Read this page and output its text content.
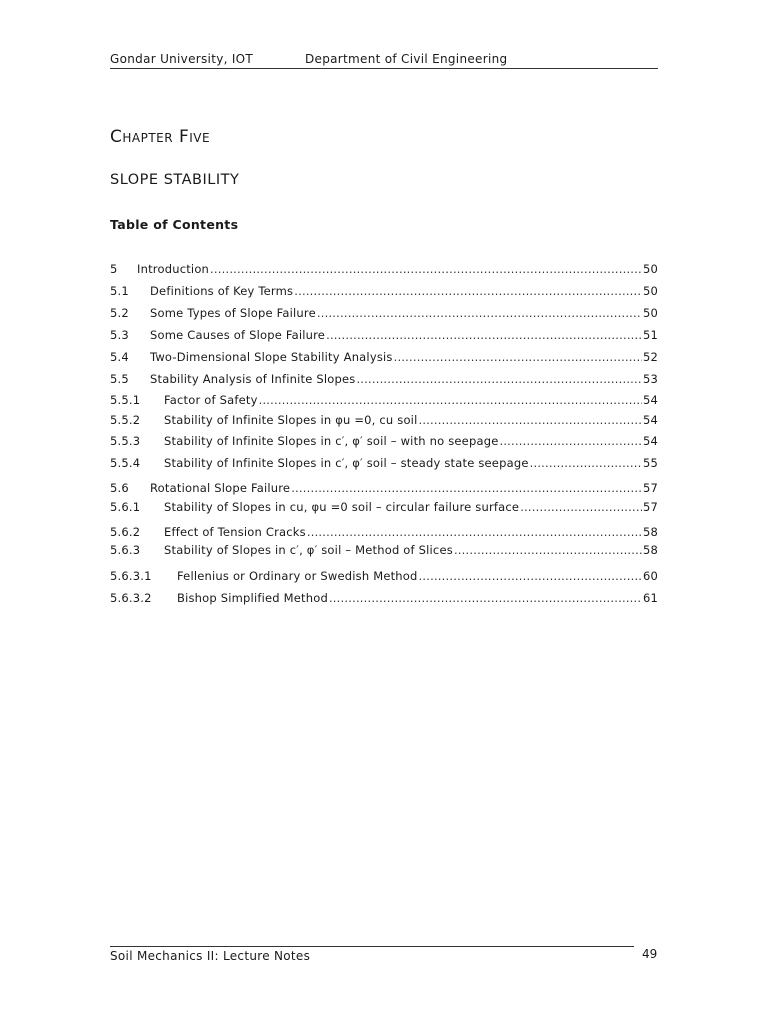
Gondar University, IOT	Department of Civil Engineering
Chapter Five
SLOPE STABILITY
Table of Contents
5	Introduction .....	50
5.1	Definitions of Key Terms .....	50
5.2	Some Types of Slope Failure .....	50
5.3	Some Causes of Slope Failure .....	51
5.4	Two-Dimensional Slope Stability Analysis .....	52
5.5	Stability Analysis of Infinite Slopes .....	53
5.5.1	Factor of Safety .....	54
5.5.2	Stability of Infinite Slopes in φu =0, cu soil .....	54
5.5.3	Stability of Infinite Slopes in c′, φ′ soil – with no seepage .....	54
5.5.4	Stability of Infinite Slopes in c′, φ′ soil – steady state seepage .....	55
5.6	Rotational Slope Failure .....	57
5.6.1	Stability of Slopes in cu, φu =0 soil – circular failure surface .....	57
5.6.2	Effect of Tension Cracks .....	58
5.6.3	Stability of Slopes in c′, φ′ soil – Method of Slices .....	58
5.6.3.1	Fellenius or Ordinary or Swedish Method .....	60
5.6.3.2	Bishop Simplified Method .....	61
Soil Mechanics II: Lecture Notes	49
